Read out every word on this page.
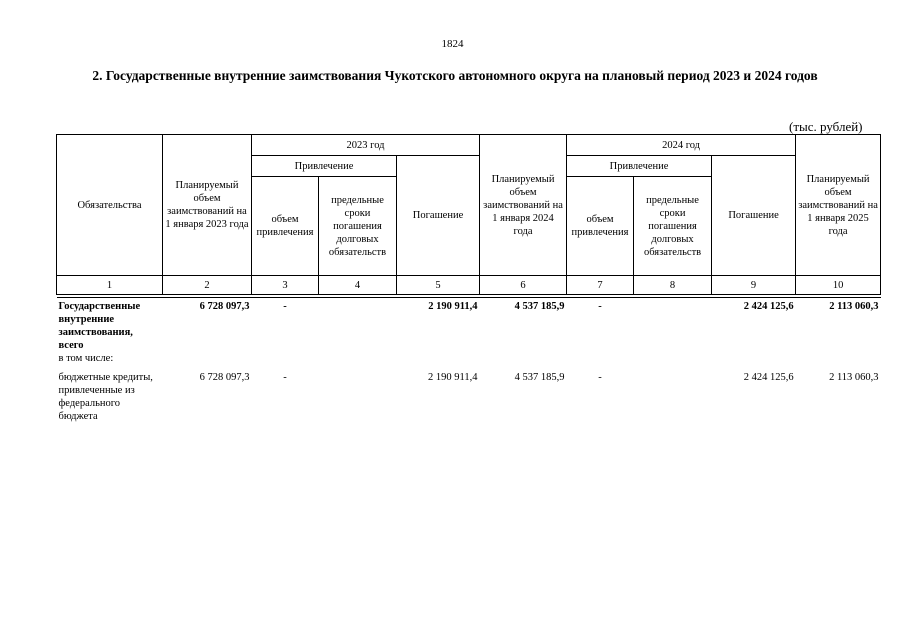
1824
2. Государственные внутренние заимствования Чукотского автономного округа на плановый период 2023 и 2024 годов
(тыс. рублей)
Обязательства	Планируемый объем заимствований на 1 января 2023 года	2023 год			Планируемый объем заимствований на 1 января 2024 года	2024 год			Планируемый объем заимствований на 1 января 2025 года
		Привлечение		Погашение		Привлечение		Погашение	
		объем привлечения	предельные сроки погашения долговых обязательств			объем привлечения	предельные сроки погашения долговых обязательств		
1	2	3	4	5	6	7	8	9	10

Государственные внутренние заимствования, всего
в том числе:	6 728 097,3	-		2 190 911,4	4 537 185,9	-		2 424 125,6	2 113 060,3
бюджетные кредиты, привлеченные из федерального бюджета	6 728 097,3	-		2 190 911,4	4 537 185,9	-		2 424 125,6	2 113 060,3
